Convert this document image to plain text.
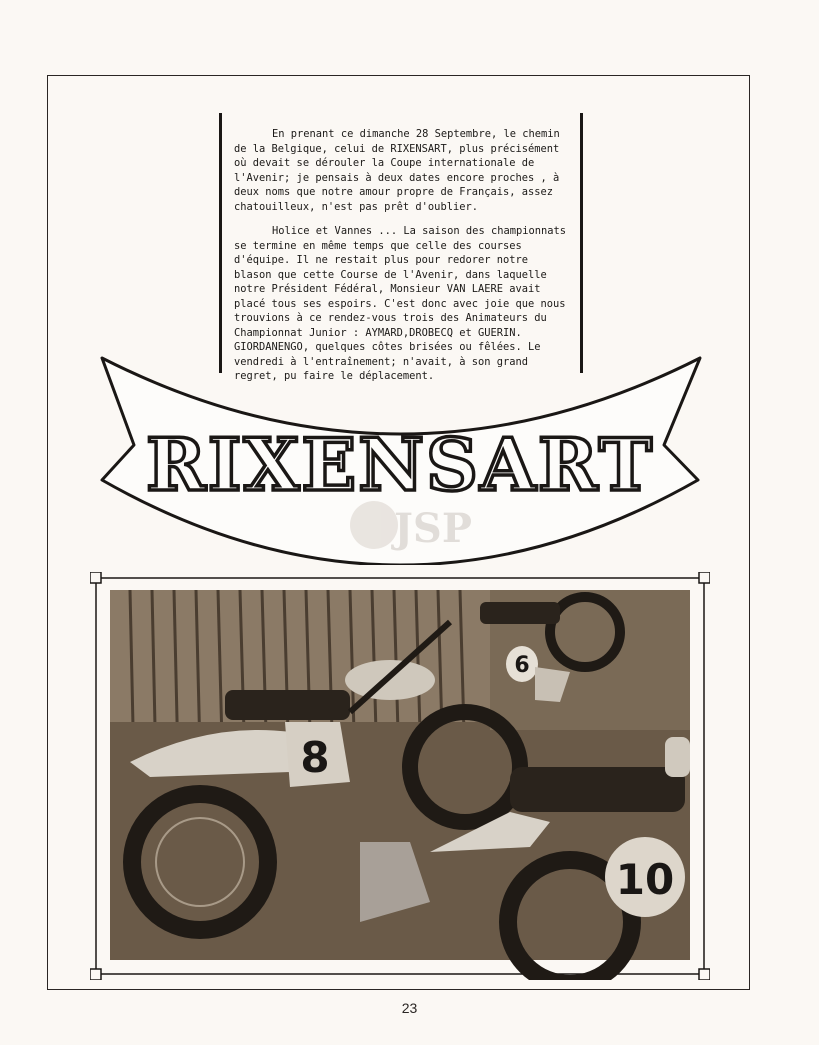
En prenant ce dimanche 28 Septembre, le chemin de la Belgique, celui de RIXENSART, plus précisément où devait se dérouler la Coupe internationale de l'Avenir; je pensais à deux dates encore proches , à deux noms que notre amour propre de Français, assez chatouilleux, n'est pas prêt d'oublier.

Holice et Vannes ... La saison des championnats se termine en même temps que celle des courses d'équipe. Il ne restait plus pour redorer notre blason que cette Course de l'Avenir, dans laquelle notre Président Fédéral, Monsieur VAN LAERE avait placé tous ses espoirs. C'est donc avec joie que nous trouvions à ce rendez-vous trois des Animateurs du Championnat Junior : AYMARD,DROBECQ et GUERIN. GIORDANENGO, quelques côtes brisées ou fêlées. Le vendredi à l'entraînement; n'avait, à son grand regret, pu faire le déplacement.

JSP
RIXENSART
8
6
10
23
